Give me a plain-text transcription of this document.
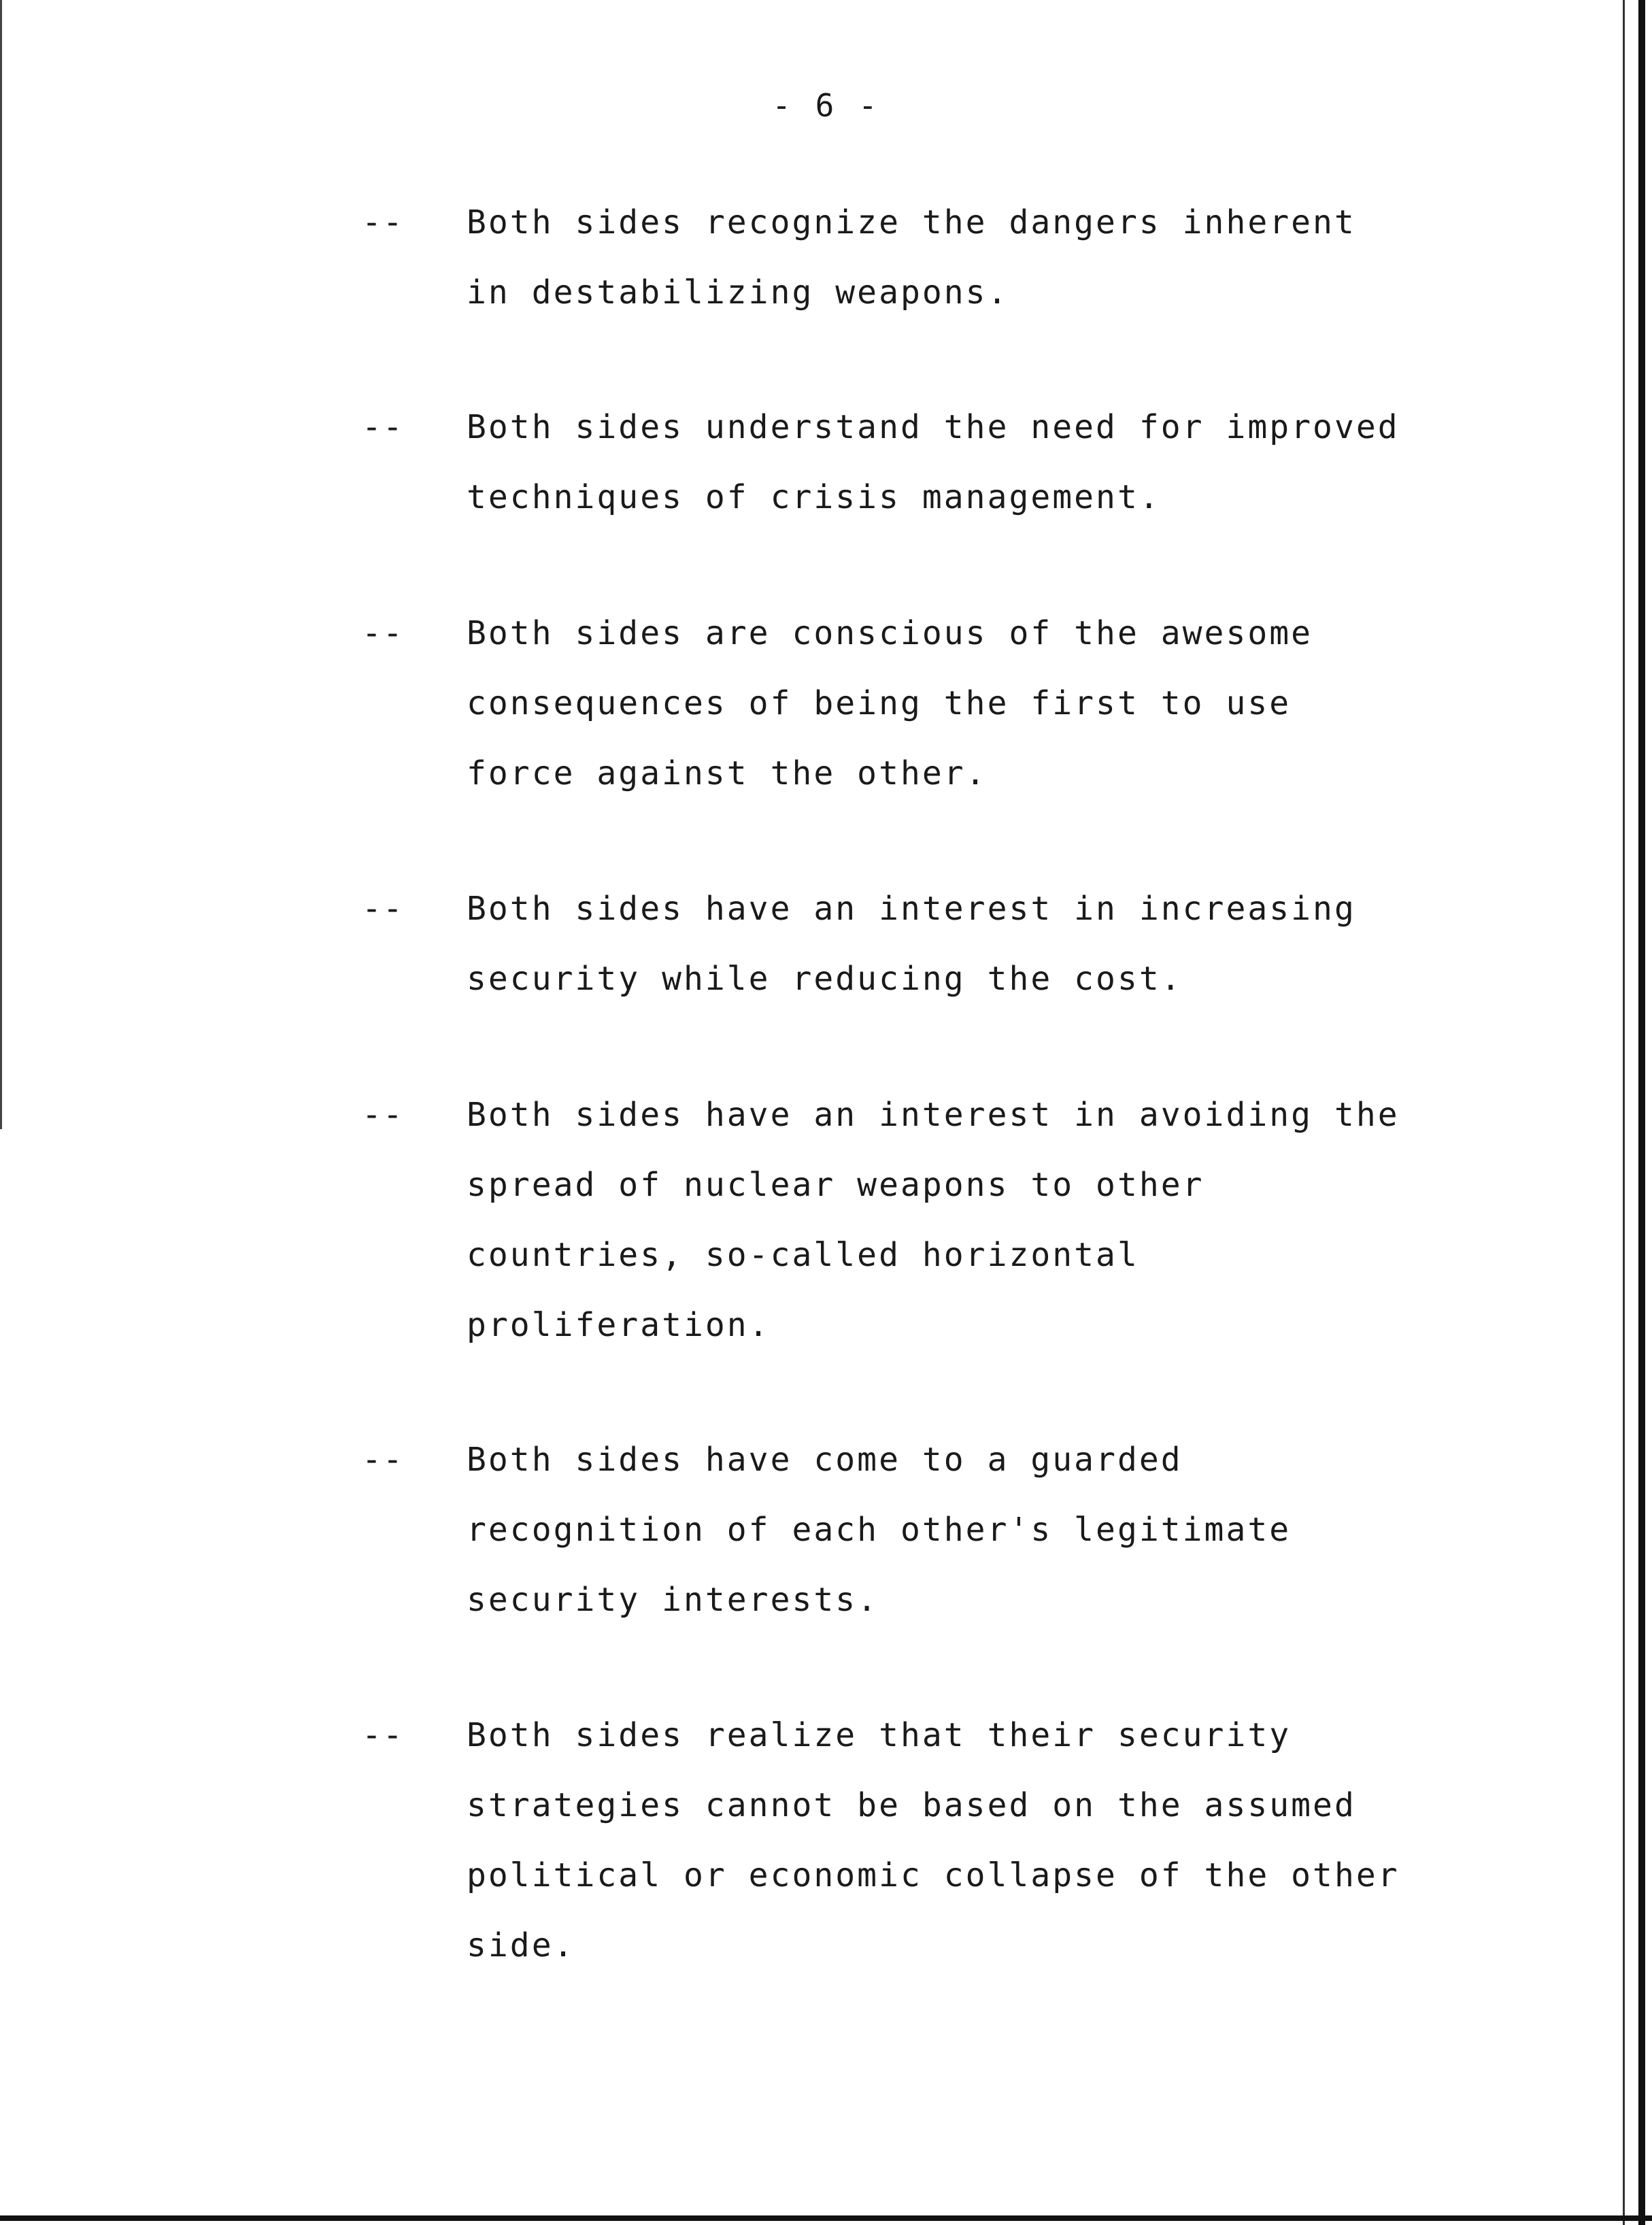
- 6 -
-- Both sides recognize the dangers inherent in destabilizing weapons.
-- Both sides understand the need for improved techniques of crisis management.
-- Both sides are conscious of the awesome consequences of being the first to use force against the other.
-- Both sides have an interest in increasing security while reducing the cost.
-- Both sides have an interest in avoiding the spread of nuclear weapons to other countries, so-called horizontal proliferation.
-- Both sides have come to a guarded recognition of each other's legitimate security interests.
-- Both sides realize that their security strategies cannot be based on the assumed political or economic collapse of the other side.
